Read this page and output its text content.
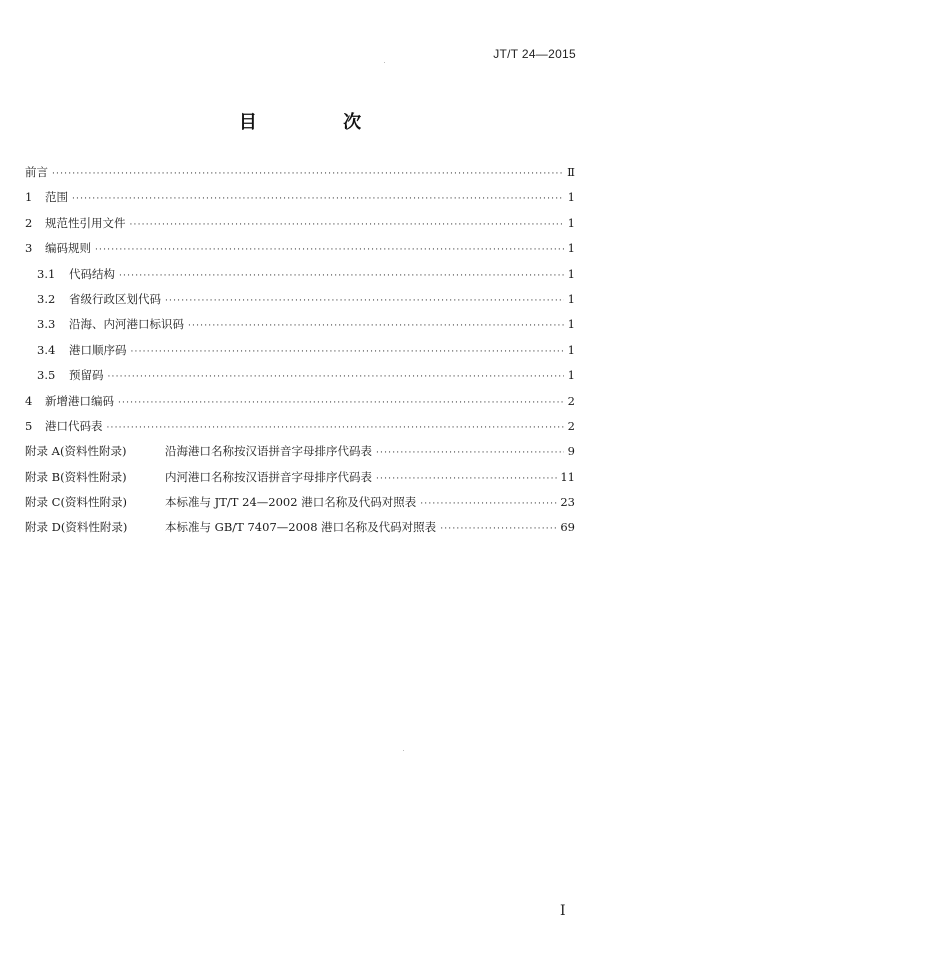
JT/T 24—2015
目 次
前言 ·····	Ⅱ
1	范围 ·····	1
2	规范性引用文件 ·····	1
3	编码规则 ·····	1
3.1	代码结构 ·····	1
3.2	省级行政区划代码 ·····	1
3.3	沿海、内河港口标识码 ·····	1
3.4	港口顺序码 ·····	1
3.5	预留码 ·····	1
4	新增港口编码 ·····	2
5	港口代码表 ·····	2
附录 A(资料性附录)	沿海港口名称按汉语拼音字母排序代码表 ·····	9
附录 B(资料性附录)	内河港口名称按汉语拼音字母排序代码表 ·····	11
附录 C(资料性附录)	本标准与 JT/T 24—2002 港口名称及代码对照表 ·····	23
附录 D(资料性附录)	本标准与 GB/T 7407—2008 港口名称及代码对照表 ·····	69
I
